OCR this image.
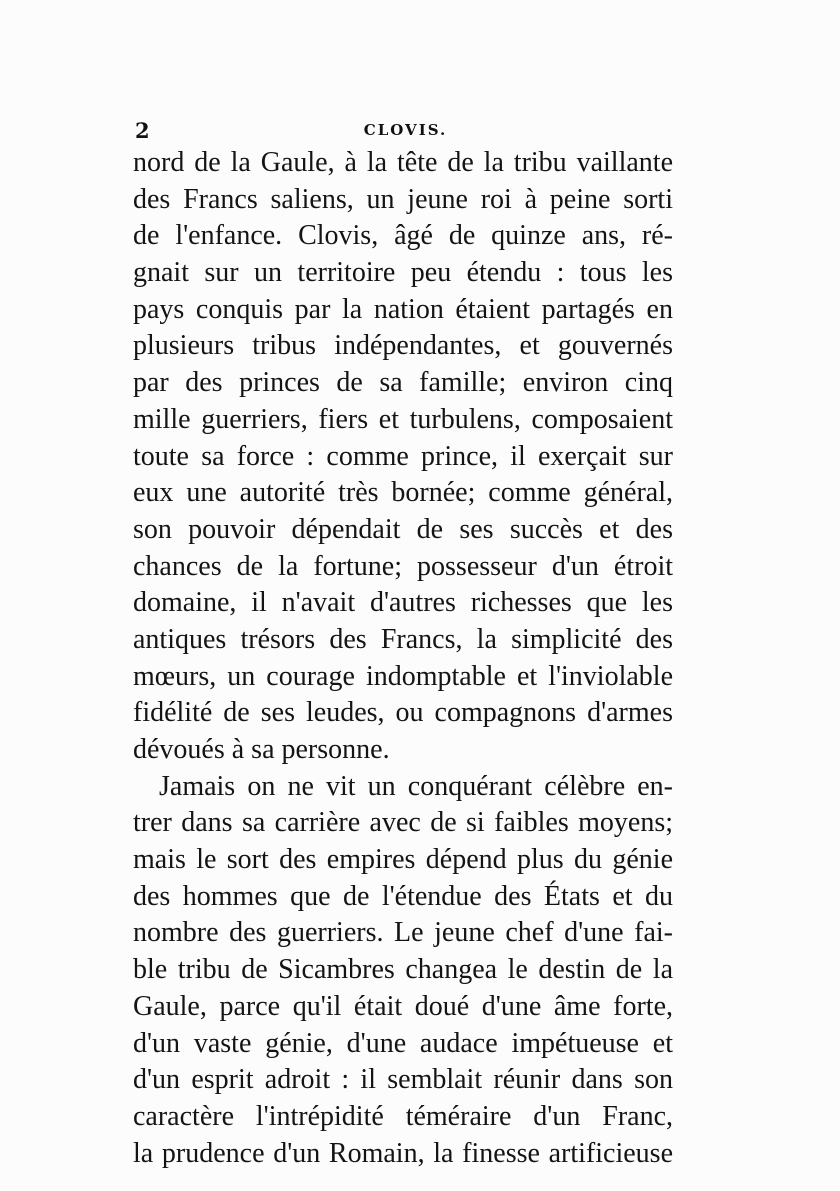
2	CLOVIS.
nord de la Gaule, à la tête de la tribu vaillante
des Francs saliens, un jeune roi à peine sorti
de l'enfance. Clovis, âgé de quinze ans, ré-
gnait sur un territoire peu étendu : tous les
pays conquis par la nation étaient partagés en
plusieurs tribus indépendantes, et gouvernés
par des princes de sa famille; environ cinq
mille guerriers, fiers et turbulens, composaient
toute sa force : comme prince, il exerçait sur
eux une autorité très bornée; comme général,
son pouvoir dépendait de ses succès et des
chances de la fortune; possesseur d'un étroit
domaine, il n'avait d'autres richesses que les
antiques trésors des Francs, la simplicité des
mœurs, un courage indomptable et l'inviolable
fidélité de ses leudes, ou compagnons d'armes
dévoués à sa personne.
Jamais on ne vit un conquérant célèbre en-
trer dans sa carrière avec de si faibles moyens;
mais le sort des empires dépend plus du génie
des hommes que de l'étendue des États et du
nombre des guerriers. Le jeune chef d'une fai-
ble tribu de Sicambres changea le destin de la
Gaule, parce qu'il était doué d'une âme forte,
d'un vaste génie, d'une audace impétueuse et
d'un esprit adroit : il semblait réunir dans son
caractère l'intrépidité téméraire d'un Franc,
la prudence d'un Romain, la finesse artificieuse
